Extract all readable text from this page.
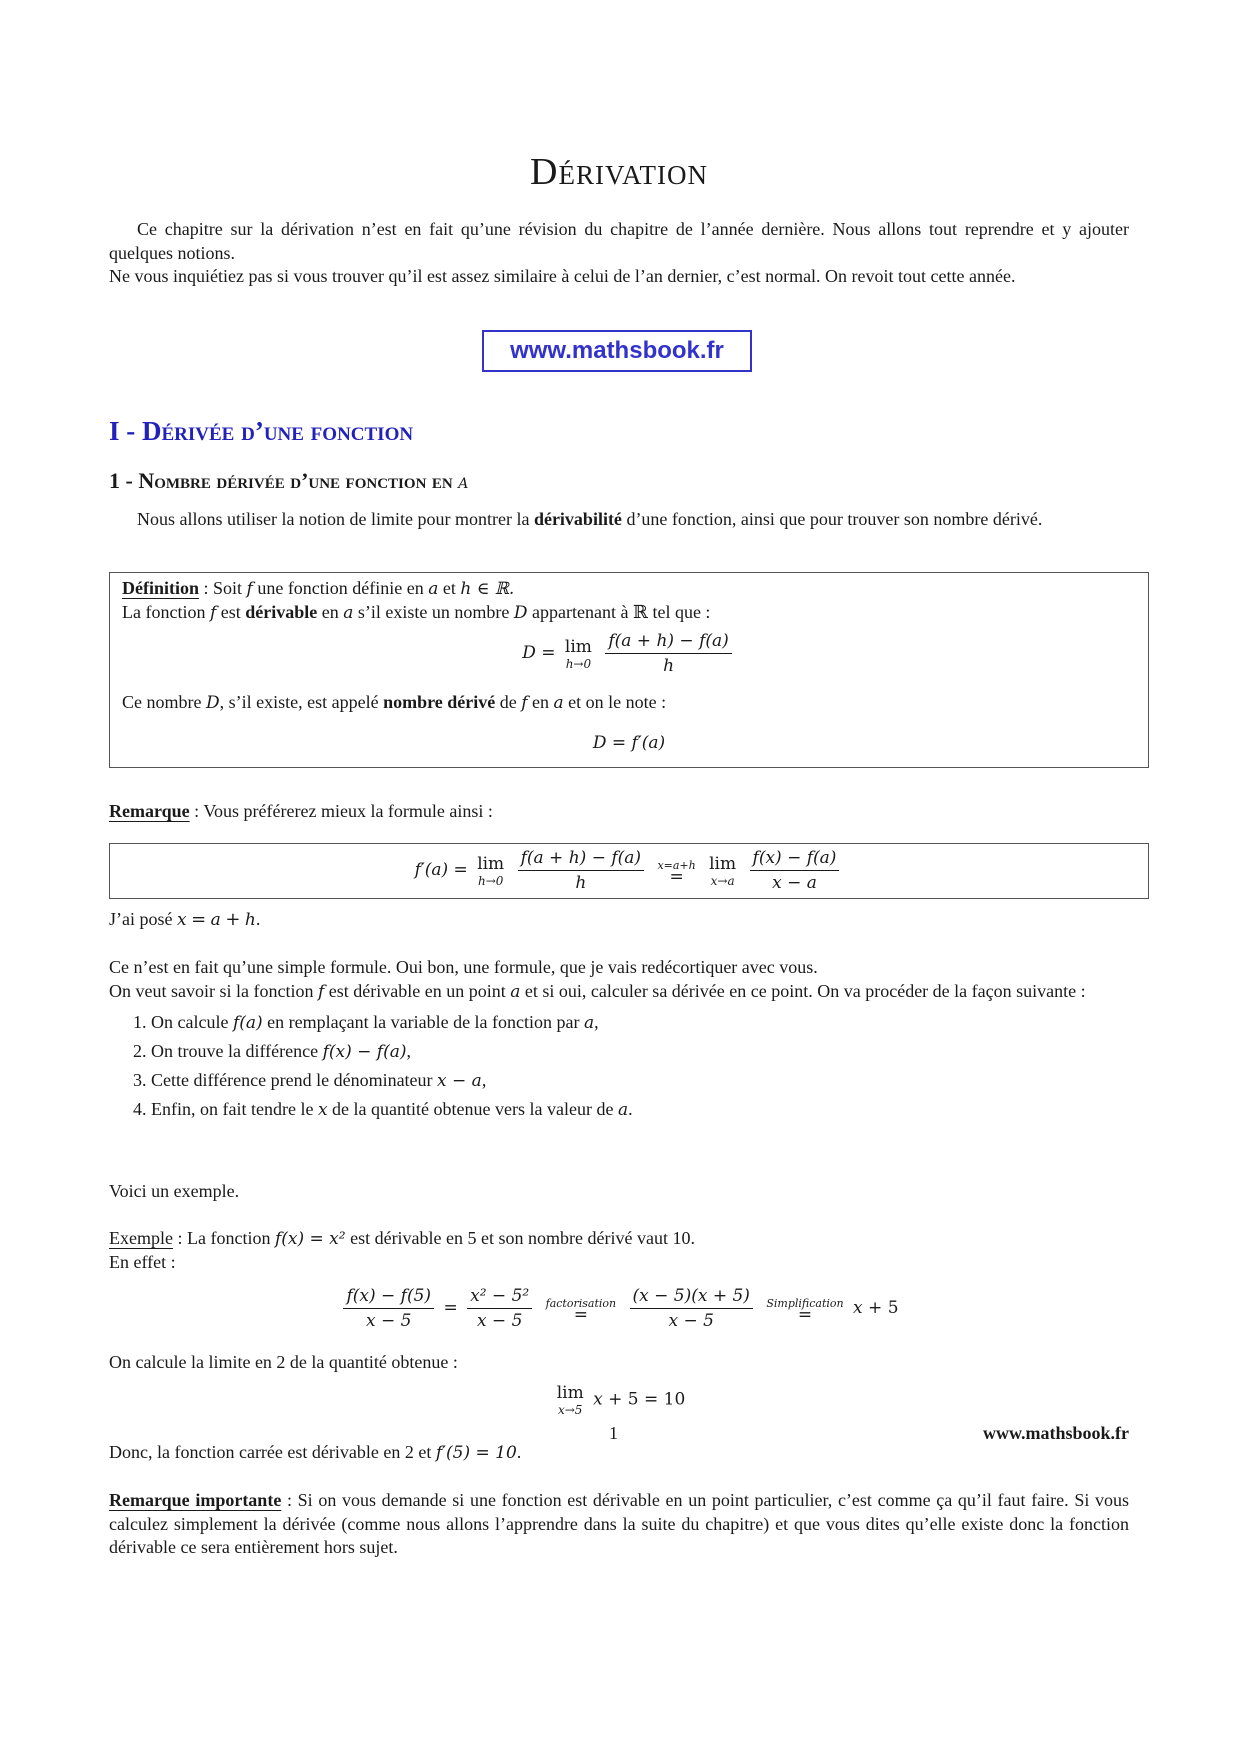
Dérivation

Ce chapitre sur la dérivation n’est en fait qu’une révision du chapitre de l’année dernière. Nous allons tout reprendre et y ajouter quelques notions.

Ne vous inquiétiez pas si vous trouver qu’il est assez similaire à celui de l’an dernier, c’est normal. On revoit tout cette année.

www.mathsbook.fr
I - Dérivée d’une fonction
1 - Nombre dérivée d’une fonction en a

Nous allons utiliser la notion de limite pour montrer la dérivabilité d’une fonction, ainsi que pour trouver son nombre dérivé.

Définition : Soit f une fonction définie en a et h ∈ ℝ.
La fonction f est dérivable en a s’il existe un nombre D appartenant à ℝ tel que :
D = lim
h→0
$\frac{f(a + h) - f(a)}{h}$
Ce nombre D, s’il existe, est appelé nombre dérivé de f en a et on le note :
D = f′(a)
Remarque : Vous préférerez mieux la formule ainsi :
f′(a) = lim
h→0
$\frac{f(a + h) - f(a)}{h}$
x=a+h
=

lim
x→a
$\frac{f(x) - f(a)}{x - a}$
J’ai posé x = a + h.

Ce n’est en fait qu’une simple formule. Oui bon, une formule, que je vais redécortiquer avec vous.

On veut savoir si la fonction f est dérivable en un point a et si oui, calculer sa dérivée en ce point. On va procéder de la façon suivante :

1. On calcule f(a) en remplaçant la variable de la fonction par a,
2. On trouve la différence f(x) − f(a),
3. Cette différence prend le dénominateur x − a,
4. Enfin, on fait tendre le x de la quantité obtenue vers la valeur de a.
Voici un exemple.
Exemple : La fonction f(x) = x² est dérivable en 5 et son nombre dérivé vaut 10.
En effet :
$\frac{f(x) - f(5)}{x - 5} = \frac{\text{x² − 5²}}{x - 5}$
factorisation
=
$\frac{(x - 5)(x + 5)}{x - 5}$
Simplification
= x + 5
On calcule la limite en 2 de la quantité obtenue :
lim
x→5
x + 5 = 10
Donc, la fonction carrée est dérivable en 2 et f′(5) = 10.

Remarque importante : Si on vous demande si une fonction est dérivable en un point particulier, c’est comme ça qu’il faut faire. Si vous calculez simplement la dérivée (comme nous allons l’apprendre dans la suite du chapitre) et que vous dites qu’elle existe donc la fonction dérivable ce sera entièrement hors sujet.

1	www.mathsbook.fr
